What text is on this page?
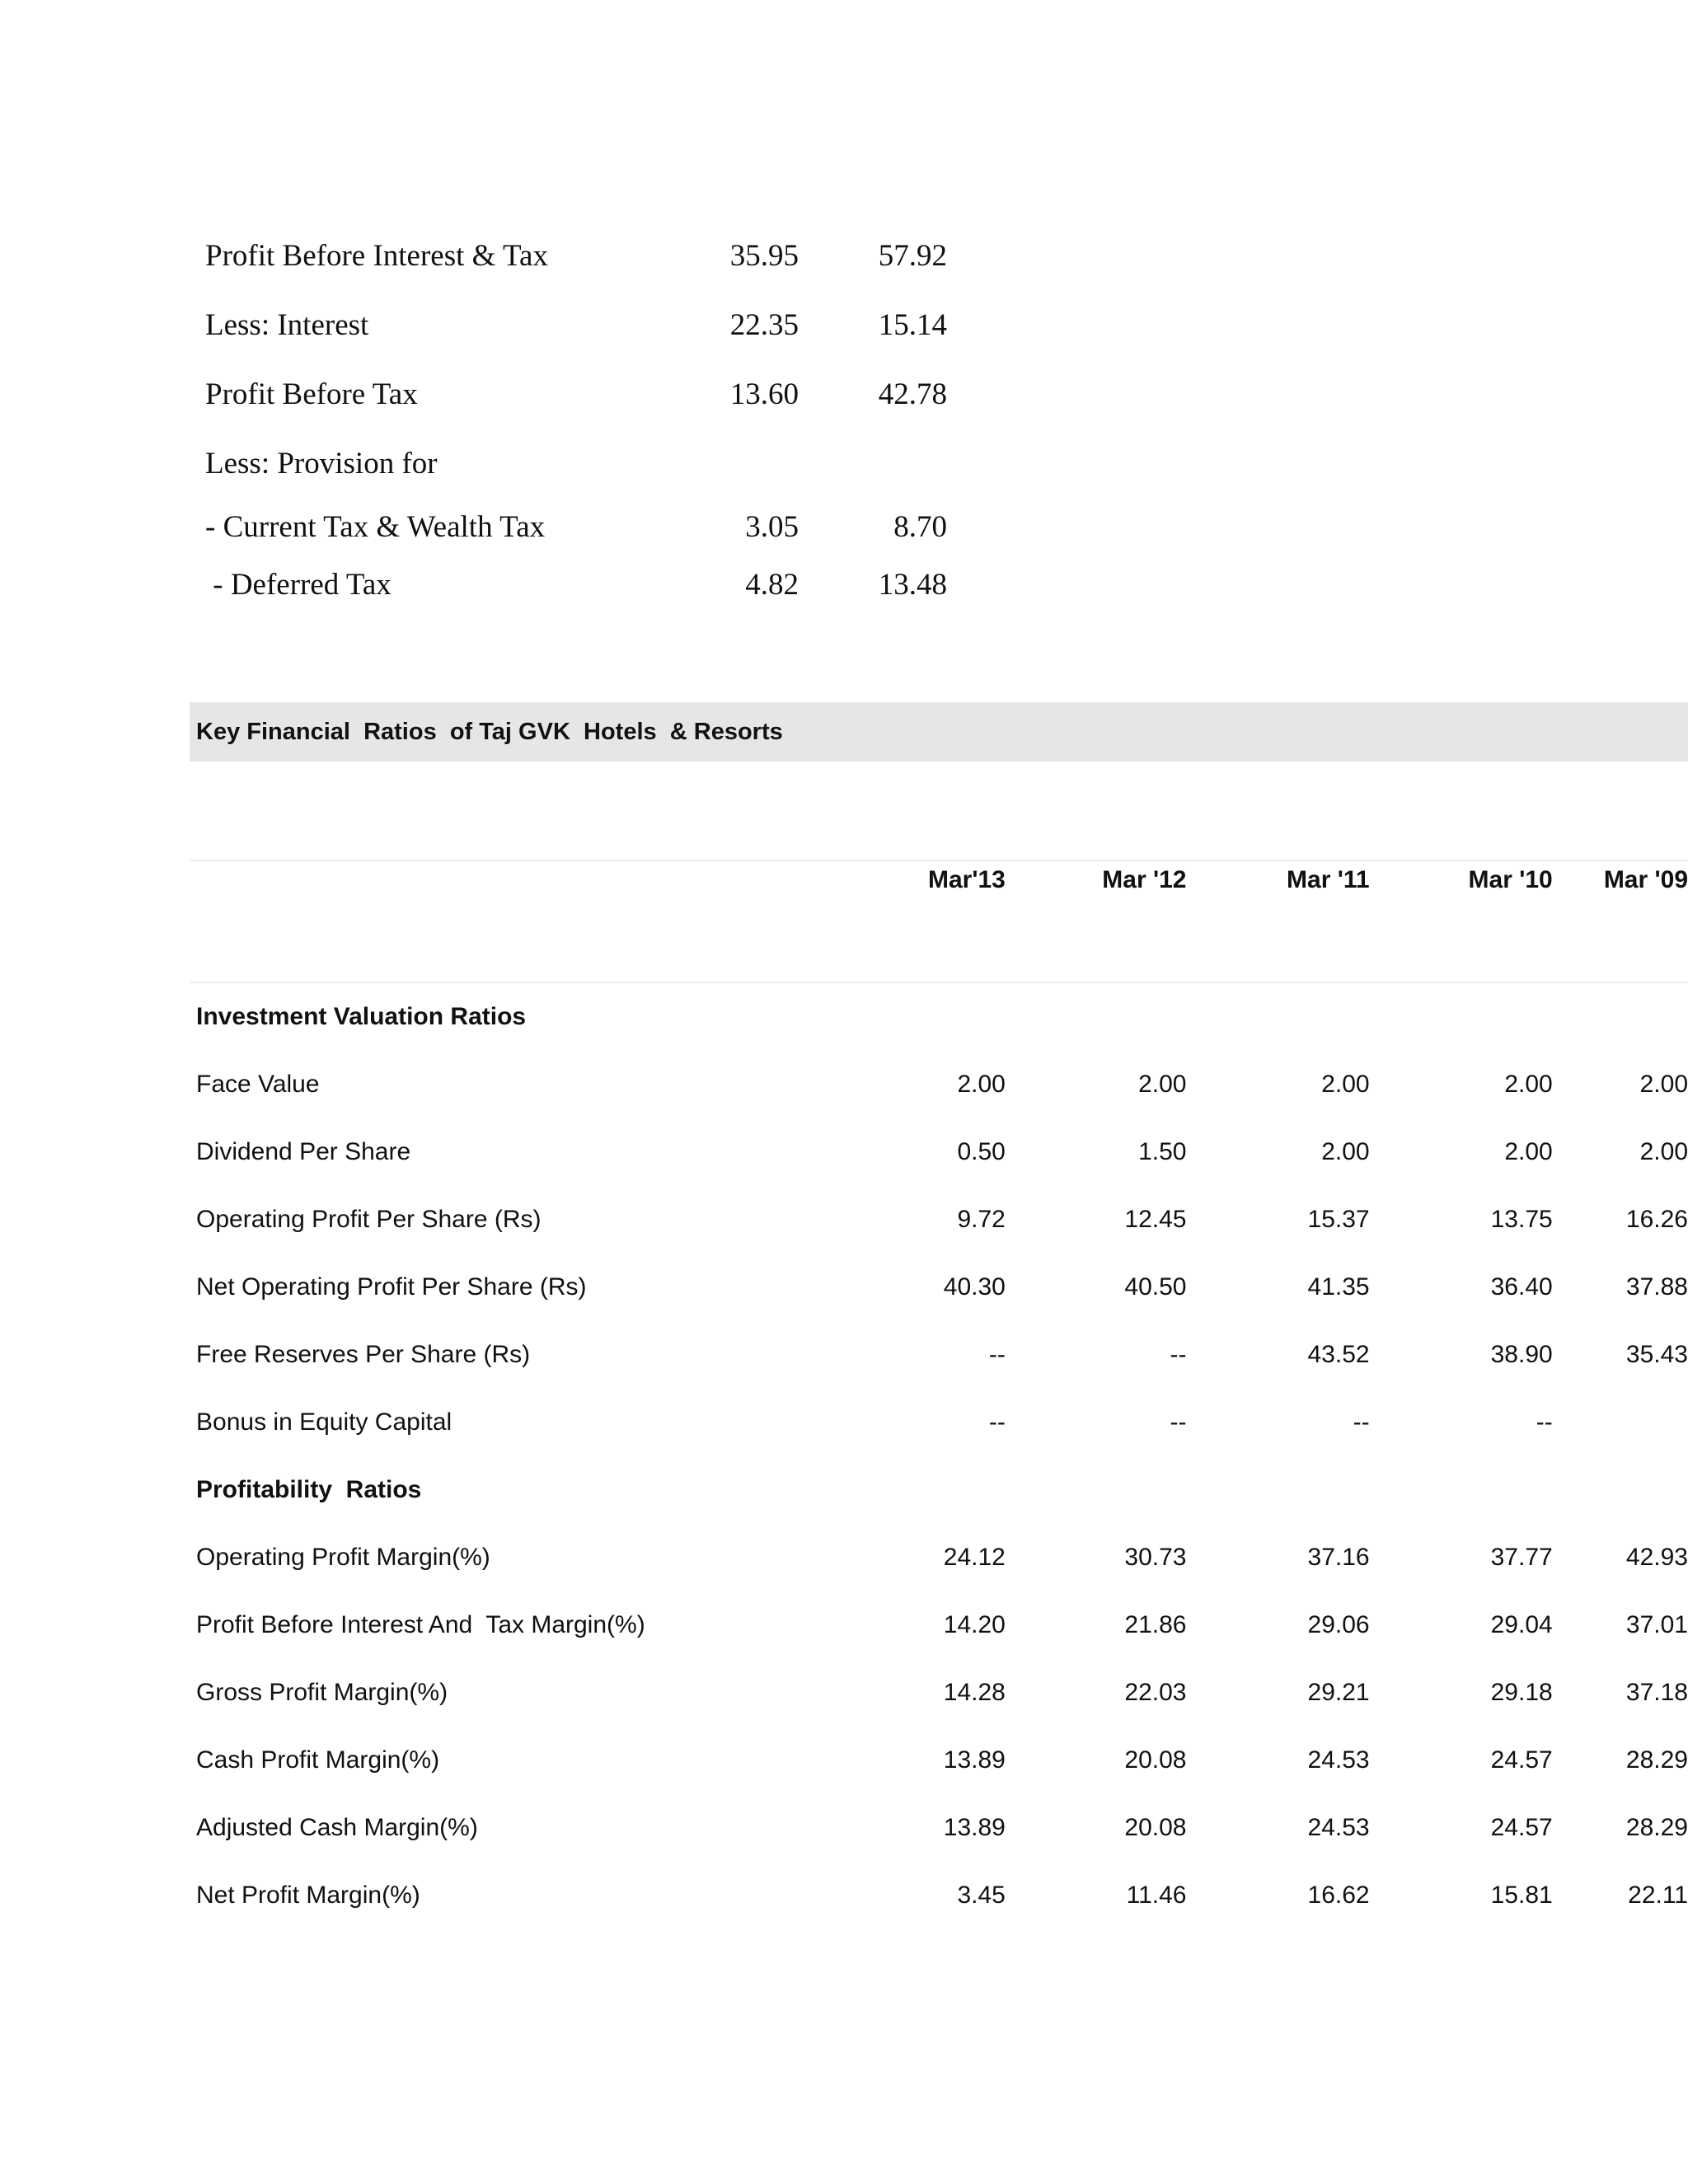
Profit Before Interest & Tax	35.95	57.92
Less: Interest	22.35	15.14
Profit Before Tax	13.60	42.78
Less: Provision for		
- Current Tax & Wealth Tax	3.05	8.70
- Deferred Tax	4.82	13.48
Key Financial  Ratios  of Taj GVK  Hotels  & Resorts
	Mar'13	Mar '12	Mar '11	Mar '10	Mar '09
Investment Valuation Ratios					
Face Value	2.00	2.00	2.00	2.00	2.00
Dividend Per Share	0.50	1.50	2.00	2.00	2.00
Operating Profit Per Share (Rs)	9.72	12.45	15.37	13.75	16.26
Net Operating Profit Per Share (Rs)	40.30	40.50	41.35	36.40	37.88
Free Reserves Per Share (Rs)	--	--	43.52	38.90	35.43
Bonus in Equity Capital	--	--	--	--	
Profitability  Ratios					
Operating Profit Margin(%)	24.12	30.73	37.16	37.77	42.93
Profit Before Interest And  Tax Margin(%)	14.20	21.86	29.06	29.04	37.01
Gross Profit Margin(%)	14.28	22.03	29.21	29.18	37.18
Cash Profit Margin(%)	13.89	20.08	24.53	24.57	28.29
Adjusted Cash Margin(%)	13.89	20.08	24.53	24.57	28.29
Net Profit Margin(%)	3.45	11.46	16.62	15.81	22.11
